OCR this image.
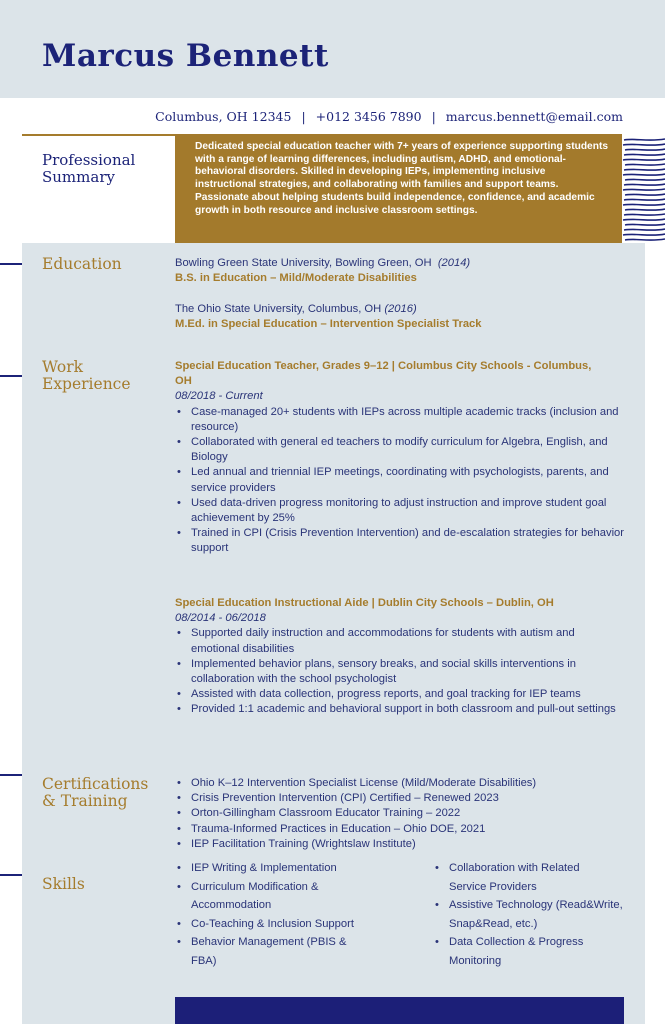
Marcus Bennett
Columbus, OH 12345 | +012 3456 7890 | marcus.bennett@email.com
Professional
Summary
Dedicated special education teacher with 7+ years of experience supporting students with a range of learning differences, including autism, ADHD, and emotional-behavioral disorders. Skilled in developing IEPs, implementing inclusive instructional strategies, and collaborating with families and support teams. Passionate about helping students build independence, confidence, and academic growth in both resource and inclusive classroom settings.
Education	Bowling Green State University, Bowling Green, OH (2014)
B.S. in Education – Mild/Moderate Disabilities
The Ohio State University, Columbus, OH (2016)
M.Ed. in Special Education – Intervention Specialist Track
Work
Experience
Special Education Teacher, Grades 9–12 | Columbus City Schools - Columbus, OH
08/2018 - Current
• Case-managed 20+ students with IEPs across multiple academic tracks (inclusion and resource)
• Collaborated with general ed teachers to modify curriculum for Algebra, English, and Biology
• Led annual and triennial IEP meetings, coordinating with psychologists, parents, and service providers
• Used data-driven progress monitoring to adjust instruction and improve student goal achievement by 25%
• Trained in CPI (Crisis Prevention Intervention) and de-escalation strategies for behavior support
Special Education Instructional Aide | Dublin City Schools – Dublin, OH
08/2014 - 06/2018
• Supported daily instruction and accommodations for students with autism and emotional disabilities
• Implemented behavior plans, sensory breaks, and social skills interventions in collaboration with the school psychologist
• Assisted with data collection, progress reports, and goal tracking for IEP teams
• Provided 1:1 academic and behavioral support in both classroom and pull-out settings
Certifications
& Training
• Ohio K–12 Intervention Specialist License (Mild/Moderate Disabilities)
• Crisis Prevention Intervention (CPI) Certified – Renewed 2023
• Orton-Gillingham Classroom Educator Training – 2022
• Trauma-Informed Practices in Education – Ohio DOE, 2021
• IEP Facilitation Training (Wrightslaw Institute)
Skills
• IEP Writing & Implementation
• Curriculum Modification & Accommodation
• Co-Teaching & Inclusion Support
• Behavior Management (PBIS & FBA)
• Collaboration with Related Service Providers
• Assistive Technology (Read&Write, Snap&Read, etc.)
• Data Collection & Progress Monitoring
